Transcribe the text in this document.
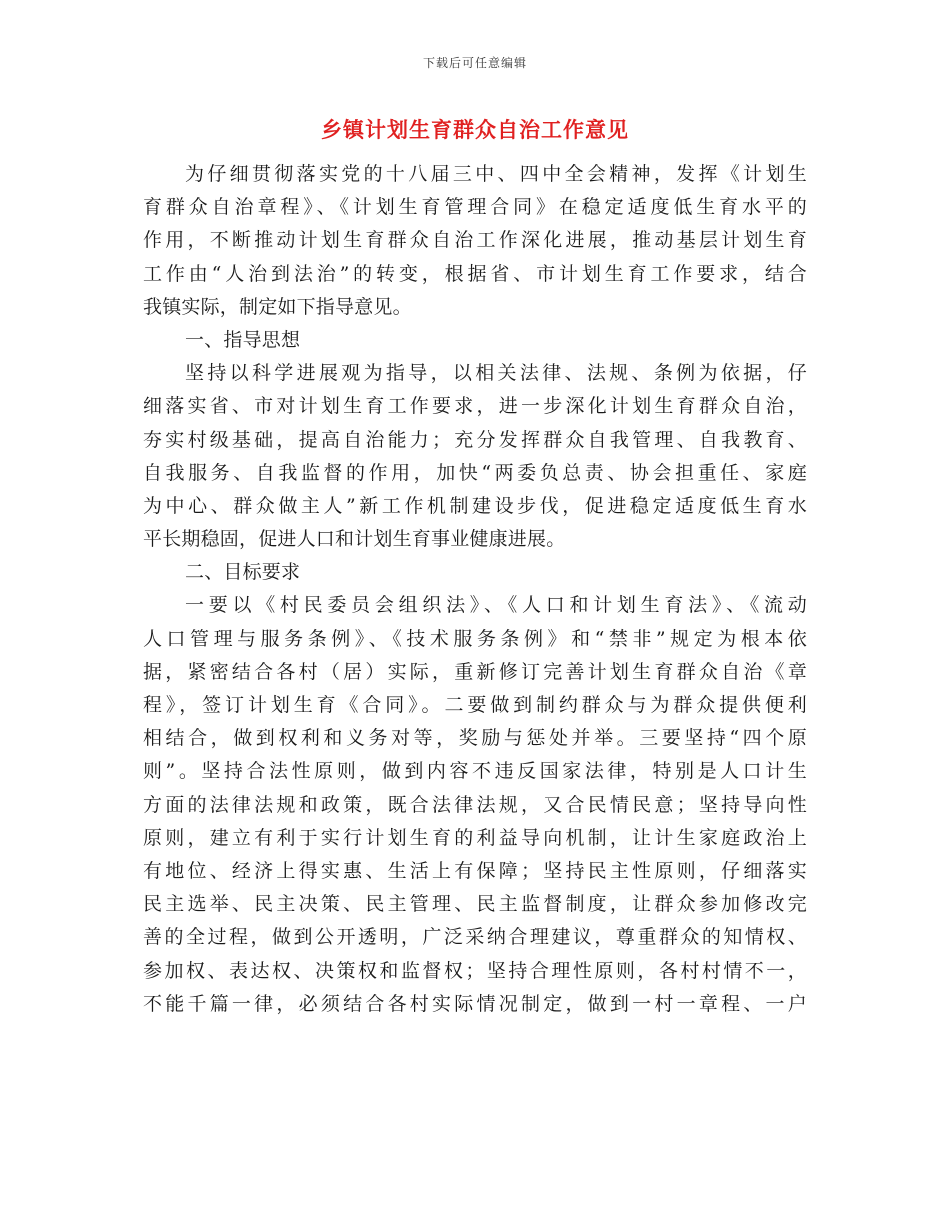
下载后可任意编辑
乡镇计划生育群众自治工作意见
为仔细贯彻落实党的十八届三中、四中全会精神，发挥《计划生
育群众自治章程》、《计划生育管理合同》在稳定适度低生育水平的
作用，不断推动计划生育群众自治工作深化进展，推动基层计划生育
工作由“人治到法治”的转变，根据省、市计划生育工作要求，结合
我镇实际，制定如下指导意见。
一、指导思想
坚持以科学进展观为指导，以相关法律、法规、条例为依据，仔
细落实省、市对计划生育工作要求，进一步深化计划生育群众自治，
夯实村级基础，提高自治能力；充分发挥群众自我管理、自我教育、
自我服务、自我监督的作用，加快“两委负总责、协会担重任、家庭
为中心、群众做主人”新工作机制建设步伐，促进稳定适度低生育水
平长期稳固，促进人口和计划生育事业健康进展。
二、目标要求
一要以《村民委员会组织法》、《人口和计划生育法》、《流动
人口管理与服务条例》、《技术服务条例》和“禁非”规定为根本依
据，紧密结合各村（居）实际，重新修订完善计划生育群众自治《章
程》，签订计划生育《合同》。二要做到制约群众与为群众提供便利
相结合，做到权利和义务对等，奖励与惩处并举。三要坚持“四个原
则”。坚持合法性原则，做到内容不违反国家法律，特别是人口计生
方面的法律法规和政策，既合法律法规，又合民情民意；坚持导向性
原则，建立有利于实行计划生育的利益导向机制，让计生家庭政治上
有地位、经济上得实惠、生活上有保障；坚持民主性原则，仔细落实
民主选举、民主决策、民主管理、民主监督制度，让群众参加修改完
善的全过程，做到公开透明，广泛采纳合理建议，尊重群众的知情权、
参加权、表达权、决策权和监督权；坚持合理性原则，各村村情不一，
不能千篇一律，必须结合各村实际情况制定，做到一村一章程、一户
